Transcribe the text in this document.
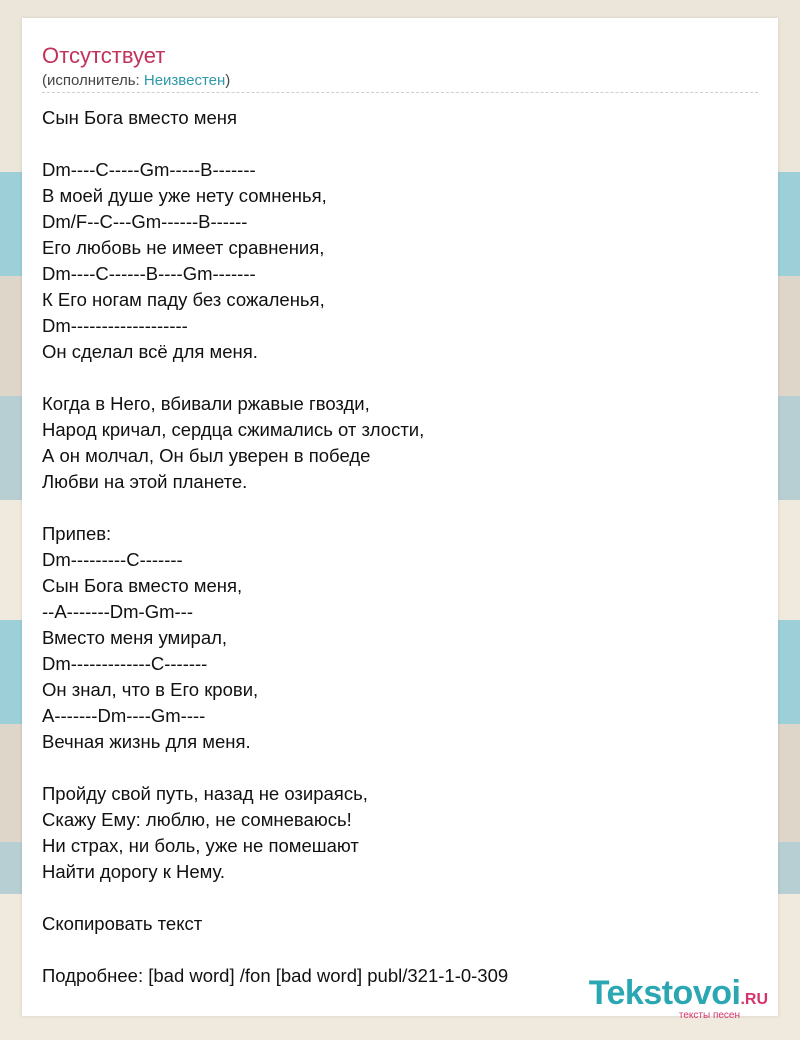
Отсутствует
(исполнитель: Неизвестен)
Сын Бога вместо меня
Dm----C-----Gm-----B-------
В моей душе уже нету сомненья,
Dm/F--C---Gm------B------
Его любовь не имеет сравнения,
Dm----C------B----Gm-------
К Его ногам паду без сожаленья,
Dm-------------------
Он сделал всё для меня.
Когда в Него, вбивали ржавые гвозди,
Народ кричал, сердца сжимались от злости,
А он молчал, Он был уверен в победе
Любви на этой планете.
Припев:
Dm---------C-------
Сын Бога вместо меня,
--A-------Dm-Gm---
Вместо меня умирал,
Dm-------------C-------
Он знал, что в Его крови,
A-------Dm----Gm----
Вечная жизнь для меня.
Пройду свой путь, назад не озираясь,
Скажу Ему: люблю, не сомневаюсь!
Ни страх, ни боль, уже не помешают
Найти дорогу к Нему.
Скопировать текст
Подробнее: [bad word] /fon [bad word] publ/321-1-0-309	Tekstovoi.RU
тексты песен
